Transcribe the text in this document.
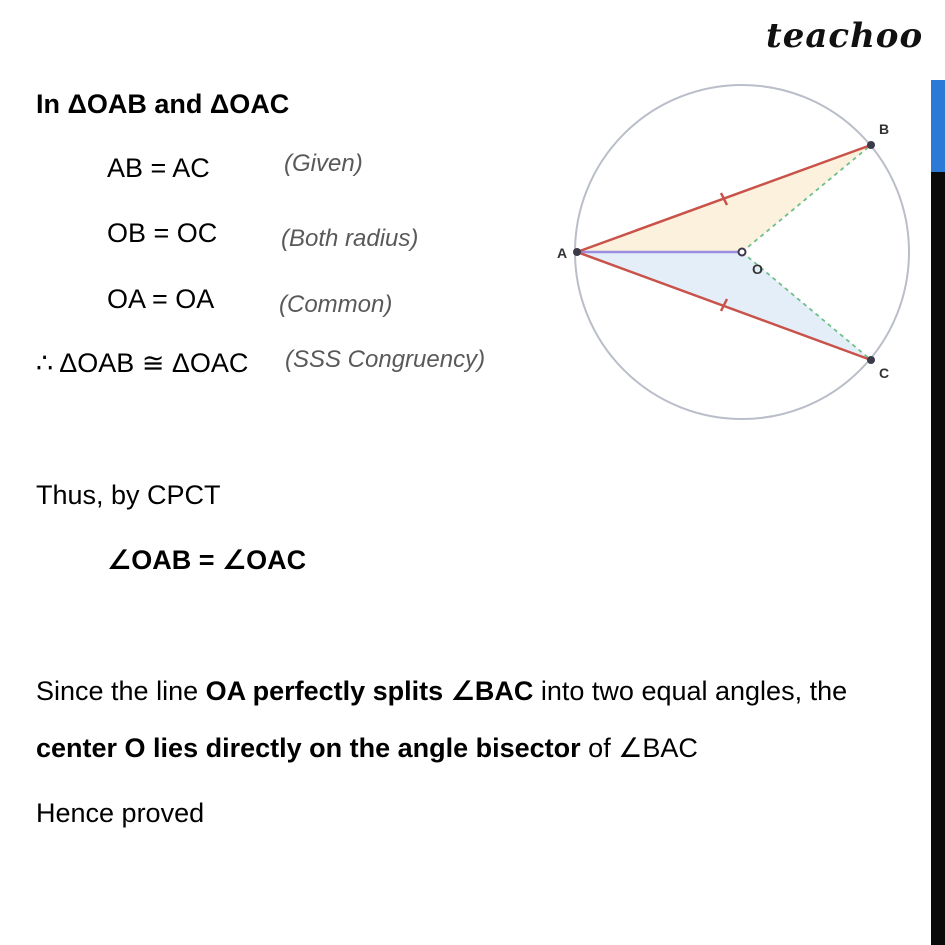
teachoo
In ΔOAB and ΔOAC
AB = AC	(Given)
OB = OC	(Both radius)
OA = OA	(Common)
∴ ΔOAB ≅ ΔOAC (SSS Congruency)
Thus, by CPCT
∠OAB = ∠OAC
Since the line OA perfectly splits ∠BAC into two equal angles, the
center O lies directly on the angle bisector of ∠BAC
Hence proved
A
B
C
O
